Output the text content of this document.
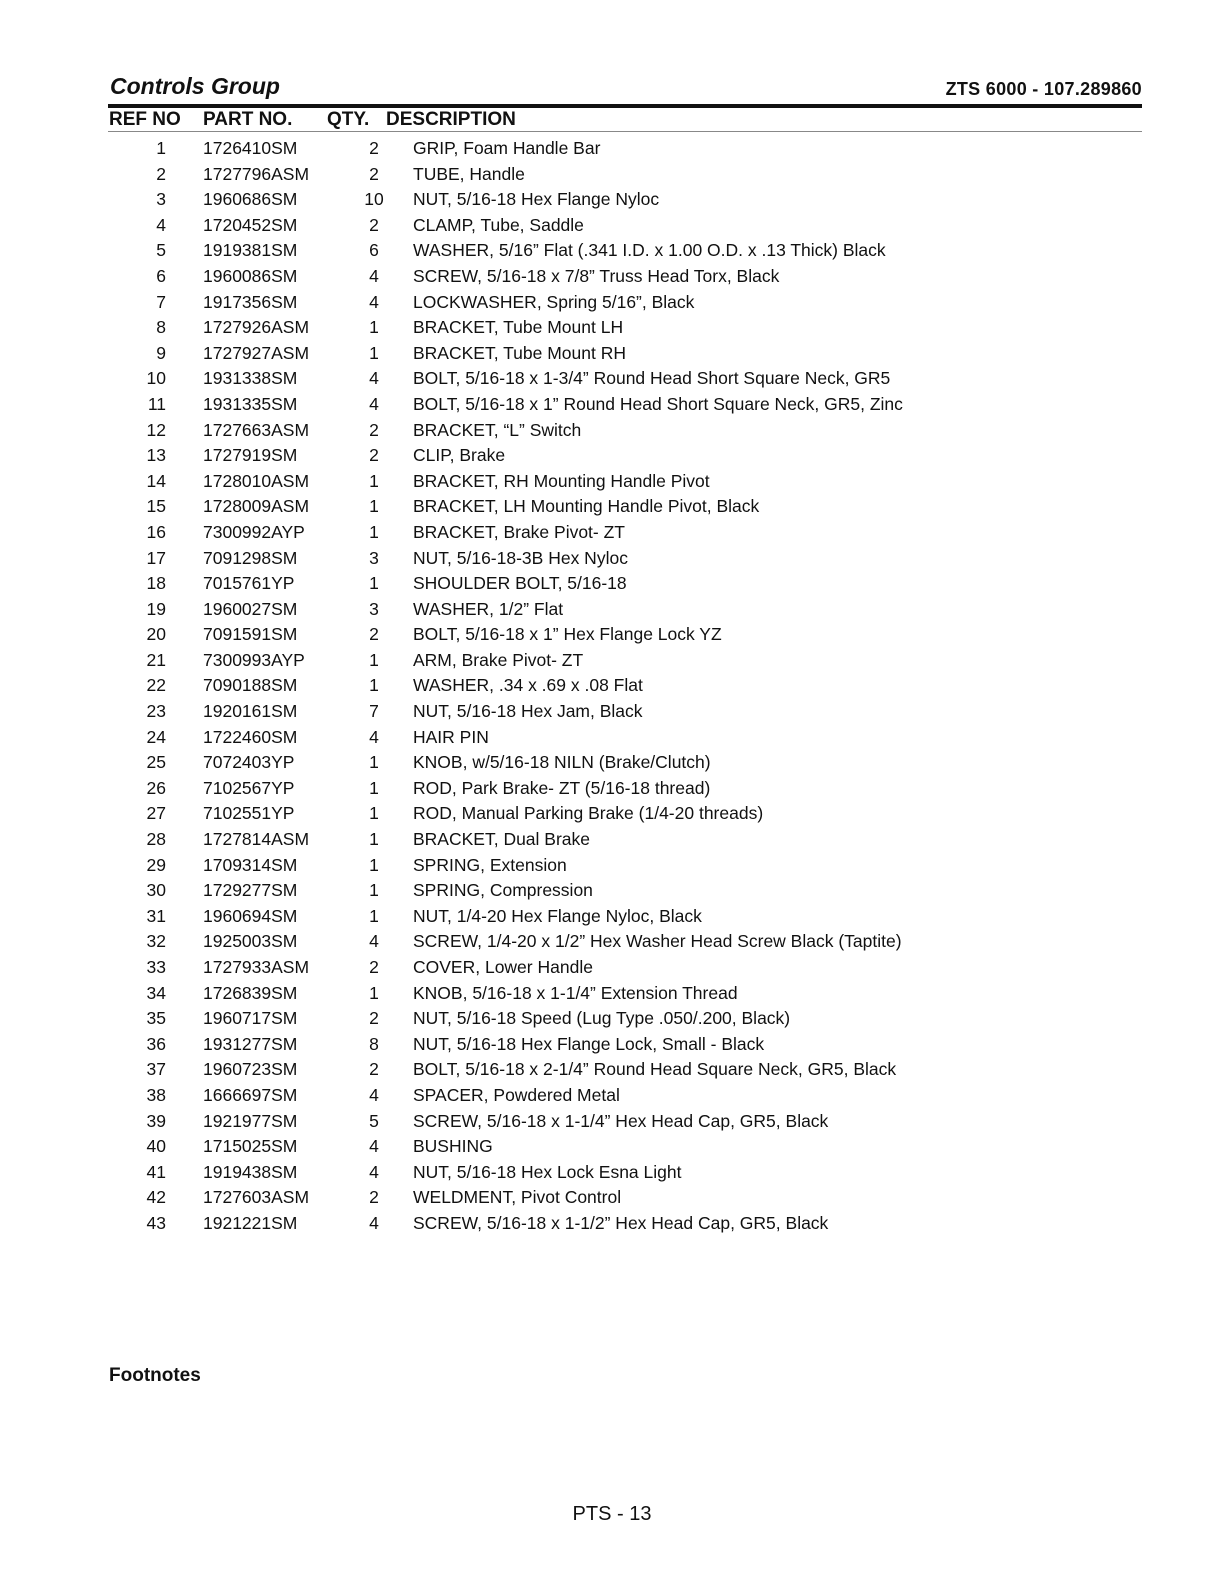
Controls Group	ZTS 6000 - 107.289860
REF NO PART NO. QTY. DESCRIPTION
1 1726410SM	2	GRIP, Foam Handle Bar
2 1727796ASM	2	TUBE, Handle
3 1960686SM	10	NUT, 5/16-18 Hex Flange Nyloc
4 1720452SM	2	CLAMP, Tube, Saddle
5 1919381SM	6	WASHER, 5/16” Flat (.341 I.D. x 1.00 O.D. x .13 Thick) Black
6 1960086SM	4	SCREW, 5/16-18 x 7/8” Truss Head Torx, Black
7 1917356SM	4	LOCKWASHER, Spring 5/16”, Black
8 1727926ASM	1	BRACKET, Tube Mount LH
9 1727927ASM	1	BRACKET, Tube Mount RH
10 1931338SM	4	BOLT, 5/16-18 x 1-3/4” Round Head Short Square Neck, GR5
11 1931335SM	4	BOLT, 5/16-18 x 1” Round Head Short Square Neck, GR5, Zinc
12 1727663ASM	2	BRACKET, “L” Switch
13 1727919SM	2	CLIP, Brake
14 1728010ASM	1	BRACKET, RH Mounting Handle Pivot
15 1728009ASM	1	BRACKET, LH Mounting Handle Pivot, Black
16 7300992AYP	1	BRACKET, Brake Pivot- ZT
17 7091298SM	3	NUT, 5/16-18-3B Hex Nyloc
18 7015761YP	1	SHOULDER BOLT, 5/16-18
19 1960027SM	3	WASHER, 1/2” Flat
20 7091591SM	2	BOLT, 5/16-18 x 1” Hex Flange Lock YZ
21 7300993AYP	1	ARM, Brake Pivot- ZT
22 7090188SM	1	WASHER, .34 x .69 x .08 Flat
23 1920161SM	7	NUT, 5/16-18 Hex Jam, Black
24 1722460SM	4	HAIR PIN
25 7072403YP	1	KNOB, w/5/16-18 NILN (Brake/Clutch)
26 7102567YP	1	ROD, Park Brake- ZT (5/16-18 thread)
27 7102551YP	1	ROD, Manual Parking Brake (1/4-20 threads)
28 1727814ASM	1	BRACKET, Dual Brake
29 1709314SM	1	SPRING, Extension
30 1729277SM	1	SPRING, Compression
31 1960694SM	1	NUT, 1/4-20 Hex Flange Nyloc, Black
32 1925003SM	4	SCREW, 1/4-20 x 1/2” Hex Washer Head Screw Black (Taptite)
33 1727933ASM	2	COVER, Lower Handle
34 1726839SM	1	KNOB, 5/16-18 x 1-1/4” Extension Thread
35 1960717SM	2	NUT, 5/16-18 Speed (Lug Type .050/.200, Black)
36 1931277SM	8	NUT, 5/16-18 Hex Flange Lock, Small - Black
37 1960723SM	2	BOLT, 5/16-18 x 2-1/4” Round Head Square Neck, GR5, Black
38 1666697SM	4	SPACER, Powdered Metal
39 1921977SM	5	SCREW, 5/16-18 x 1-1/4” Hex Head Cap, GR5, Black
40 1715025SM	4	BUSHING
41 1919438SM	4	NUT, 5/16-18 Hex Lock Esna Light
42 1727603ASM	2	WELDMENT, Pivot Control
43 1921221SM	4	SCREW, 5/16-18 x 1-1/2” Hex Head Cap, GR5, Black
Footnotes
PTS - 13
